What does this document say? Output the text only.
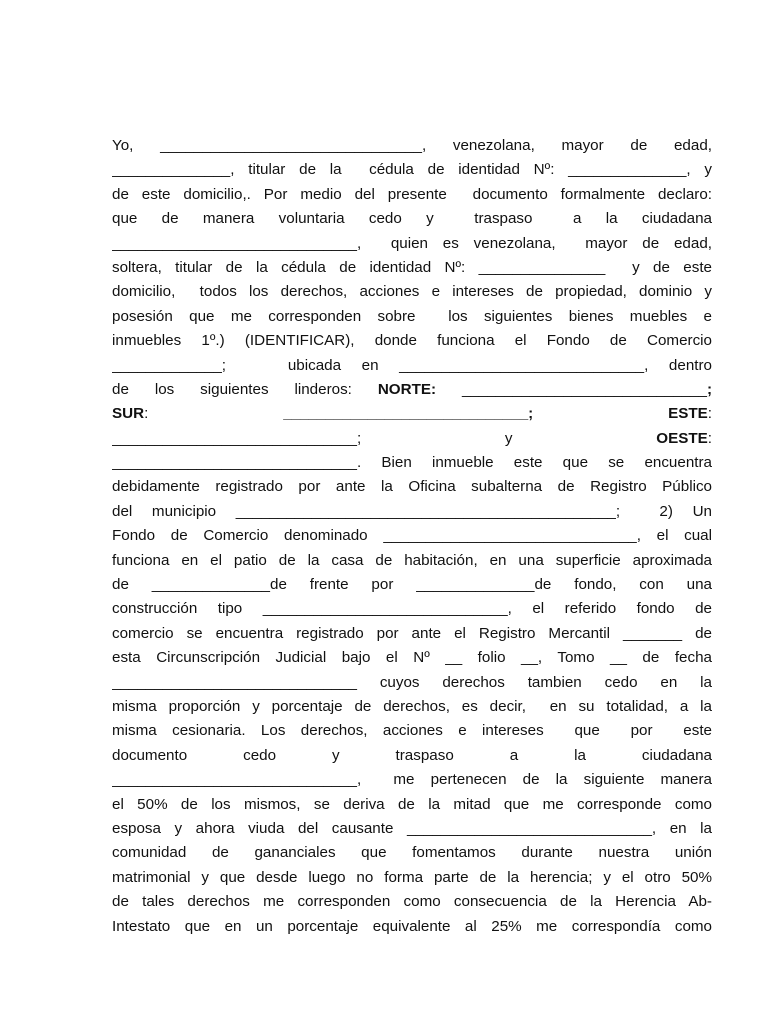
Yo,   _______________________________,   venezolana,   mayor   de   edad,
______________, titular de la  cédula de identidad Nº: ______________, y
de este domicilio,. Por medio del presente  documento formalmente declaro:
que   de   manera   voluntaria   cedo   y     traspaso     a   la   ciudadana
_____________________________,  quien es venezolana,  mayor de edad,
soltera, titular de la cédula de identidad Nº: _______________  y de este
domicilio,  todos los derechos, acciones e intereses de propiedad, dominio y
posesión que me corresponden sobre  los siguientes bienes muebles e
inmuebles 1º.) (IDENTIFICAR), donde funciona el Fondo de Comercio
_____________;   ubicada en _____________________________, dentro
de los siguientes linderos: NORTE: _____________________________;
SUR:                    _____________________________;	ESTE:
_____________________________;                    y                    OESTE:
_____________________________. Bien inmueble este que se encuentra
debidamente registrado por ante la Oficina subalterna de Registro Público
del municipio _____________________________________________;  2) Un
Fondo de Comercio denominado ______________________________, el cual
funciona en el patio de la casa de habitación, en una superficie aproximada
de  ______________de  frente  por  ______________de  fondo,  con  una
construcción tipo _____________________________, el referido fondo de
comercio se encuentra registrado por ante el Registro Mercantil _______ de
esta Circunscripción Judicial bajo el Nº __ folio __, Tomo __ de fecha
_____________________________  cuyos  derechos  tambien  cedo  en  la
misma proporción y porcentaje de derechos, es decir,  en su totalidad, a la
misma cesionaria. Los derechos, acciones e intereses  que  por  este
documento       cedo       y       traspaso       a       la       ciudadana
_____________________________,  me pertenecen de la siguiente manera
el 50% de los mismos, se deriva de la mitad que me corresponde como
esposa y ahora viuda del causante _____________________________, en la
comunidad  de  gananciales  que  fomentamos  durante  nuestra  unión
matrimonial y que desde luego no forma parte de la herencia; y el otro 50%
de tales derechos me corresponden como consecuencia de la Herencia Ab-
Intestato que en un porcentaje equivalente al 25% me correspondía como
